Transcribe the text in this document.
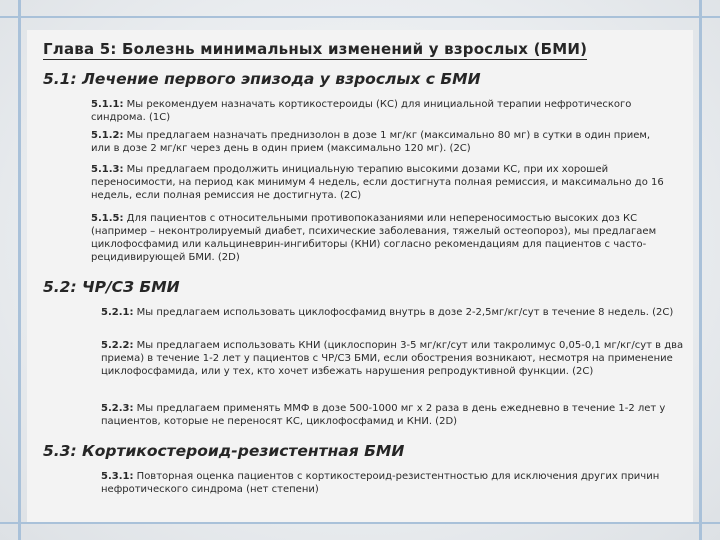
Глава 5: Болезнь минимальных изменений у взрослых (БМИ)
5.1: Лечение первого эпизода у взрослых с БМИ
5.1.1: Мы рекомендуем назначать кортикостероиды (КС) для инициальной терапии нефротического синдрома. (1C)
5.1.2: Мы предлагаем назначать преднизолон в дозе 1 мг/кг (максимально 80 мг) в сутки в один прием, или в дозе 2 мг/кг через день в один прием (максимально 120 мг). (2C)
5.1.3: Мы предлагаем продолжить инициальную терапию высокими дозами КС, при их хорошей переносимости, на период как минимум 4 недель, если достигнута полная ремиссия, и максимально до 16 недель, если полная ремиссия не достигнута. (2C)
5.1.5: Для пациентов с относительными противопоказаниями или непереносимостью высоких доз КС (например – неконтролируемый диабет, психические заболевания, тяжелый остеопороз), мы предлагаем циклофосфамид или кальциневрин-ингибиторы (КНИ) согласно рекомендациям для пациентов с часто-рецидивирующей БМИ. (2D)
5.2: ЧР/СЗ БМИ
5.2.1: Мы предлагаем использовать циклофосфамид внутрь в дозе 2-2,5мг/кг/сут в течение 8 недель. (2C)
5.2.2: Мы предлагаем использовать КНИ (циклоспорин 3-5 мг/кг/сут или такролимус 0,05-0,1 мг/кг/сут в два приема) в течение 1-2 лет у пациентов с ЧР/СЗ БМИ, если обострения возникают, несмотря на применение циклофосфамида, или у тех, кто хочет избежать нарушения репродуктивной функции. (2C)
5.2.3: Мы предлагаем применять ММФ в дозе 500-1000 мг х 2 раза в день ежедневно в течение 1-2 лет у пациентов, которые не переносят КС, циклофосфамид и КНИ. (2D)
5.3: Кортикостероид-резистентная БМИ
5.3.1: Повторная оценка пациентов с кортикостероид-резистентностью для исключения других причин нефротического синдрома (нет степени)
